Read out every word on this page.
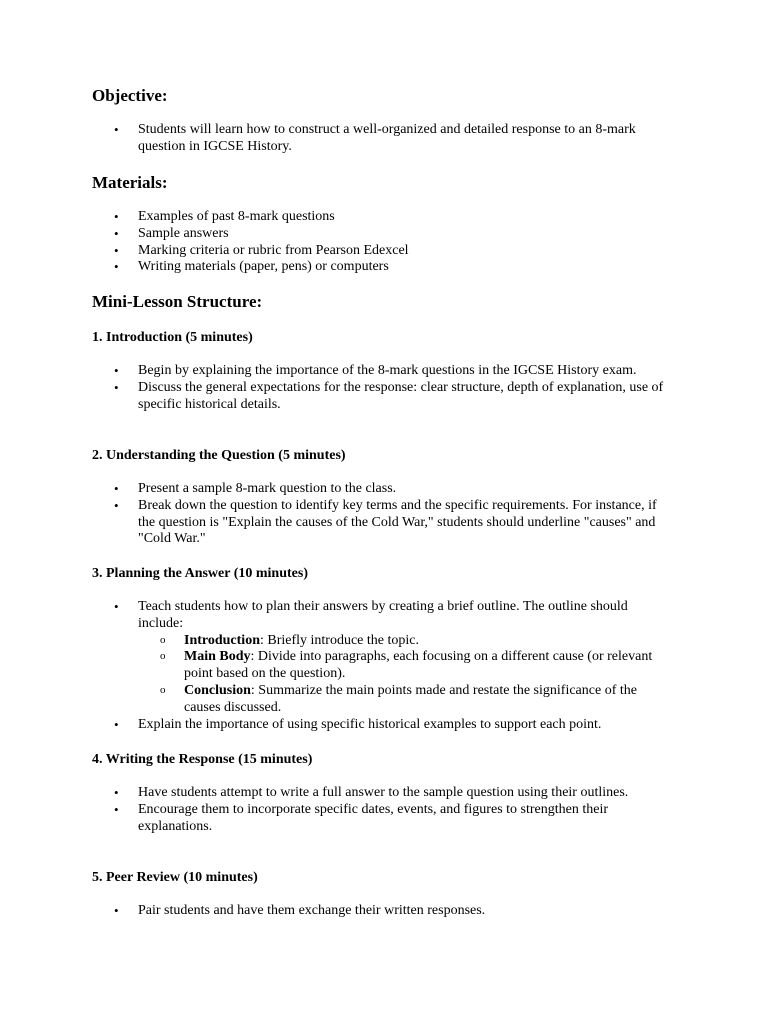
Objective:
• Students will learn how to construct a well-organized and detailed response to an 8-mark question in IGCSE History.
Materials:
• Examples of past 8-mark questions
• Sample answers
• Marking criteria or rubric from Pearson Edexcel
• Writing materials (paper, pens) or computers
Mini-Lesson Structure:
1. Introduction (5 minutes)
• Begin by explaining the importance of the 8-mark questions in the IGCSE History exam.
• Discuss the general expectations for the response: clear structure, depth of explanation, use of specific historical details.
2. Understanding the Question (5 minutes)
• Present a sample 8-mark question to the class.
• Break down the question to identify key terms and the specific requirements. For instance, if the question is "Explain the causes of the Cold War," students should underline "causes" and "Cold War."
3. Planning the Answer (10 minutes)
• Teach students how to plan their answers by creating a brief outline. The outline should include:
o Introduction: Briefly introduce the topic.
o Main Body: Divide into paragraphs, each focusing on a different cause (or relevant point based on the question).
o Conclusion: Summarize the main points made and restate the significance of the causes discussed.
• Explain the importance of using specific historical examples to support each point.
4. Writing the Response (15 minutes)
• Have students attempt to write a full answer to the sample question using their outlines.
• Encourage them to incorporate specific dates, events, and figures to strengthen their explanations.
5. Peer Review (10 minutes)
• Pair students and have them exchange their written responses.
